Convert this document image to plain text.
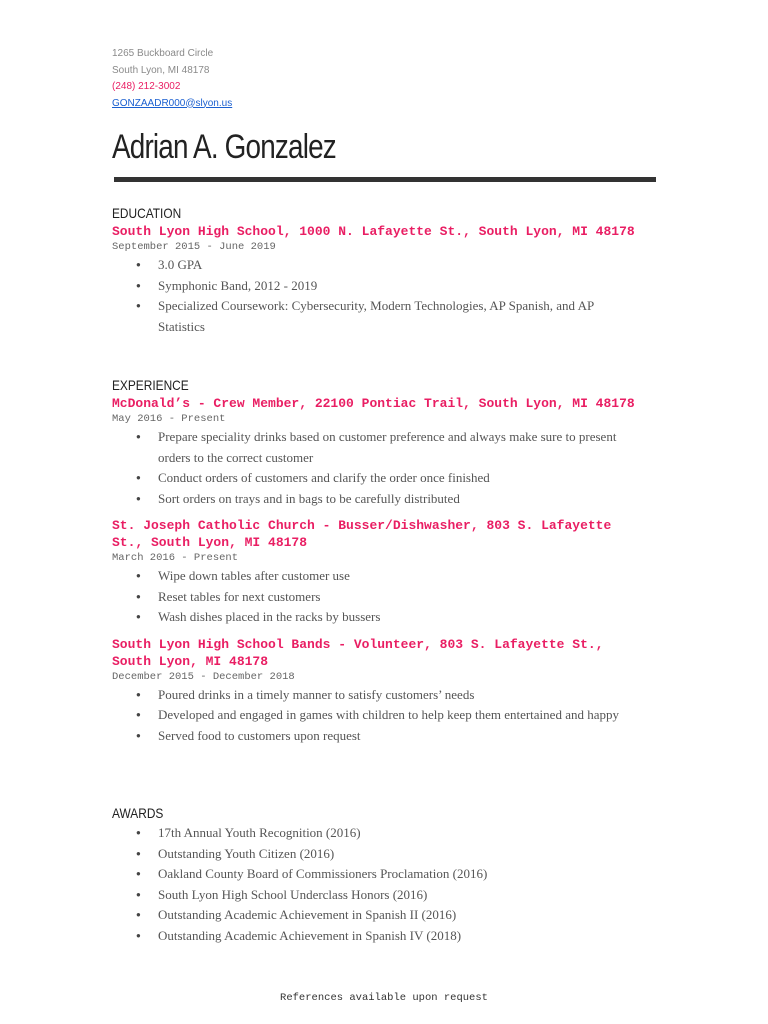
1265 Buckboard Circle
South Lyon, MI 48178
(248) 212-3002
GONZAADR000@slyon.us
Adrian A. Gonzalez
EDUCATION
South Lyon High School, 1000 N. Lafayette St., South Lyon, MI 48178
September 2015 - June 2019
● 3.0 GPA
● Symphonic Band, 2012 - 2019
● Specialized Coursework: Cybersecurity, Modern Technologies, AP Spanish, and AP Statistics
EXPERIENCE
McDonald’s - Crew Member, 22100 Pontiac Trail, South Lyon, MI 48178
May 2016 - Present
● Prepare speciality drinks based on customer preference and always make sure to present orders to the correct customer
● Conduct orders of customers and clarify the order once finished
● Sort orders on trays and in bags to be carefully distributed
St. Joseph Catholic Church - Busser/Dishwasher, 803 S. Lafayette St., South Lyon, MI 48178
March 2016 - Present
● Wipe down tables after customer use
● Reset tables for next customers
● Wash dishes placed in the racks by bussers
South Lyon High School Bands - Volunteer, 803 S. Lafayette St., South Lyon, MI 48178
December 2015 - December 2018
● Poured drinks in a timely manner to satisfy customers’ needs
● Developed and engaged in games with children to help keep them entertained and happy
● Served food to customers upon request
AWARDS
● 17th Annual Youth Recognition (2016)
● Outstanding Youth Citizen (2016)
● Oakland County Board of Commissioners Proclamation (2016)
● South Lyon High School Underclass Honors (2016)
● Outstanding Academic Achievement in Spanish II (2016)
● Outstanding Academic Achievement in Spanish IV (2018)
References available upon request
